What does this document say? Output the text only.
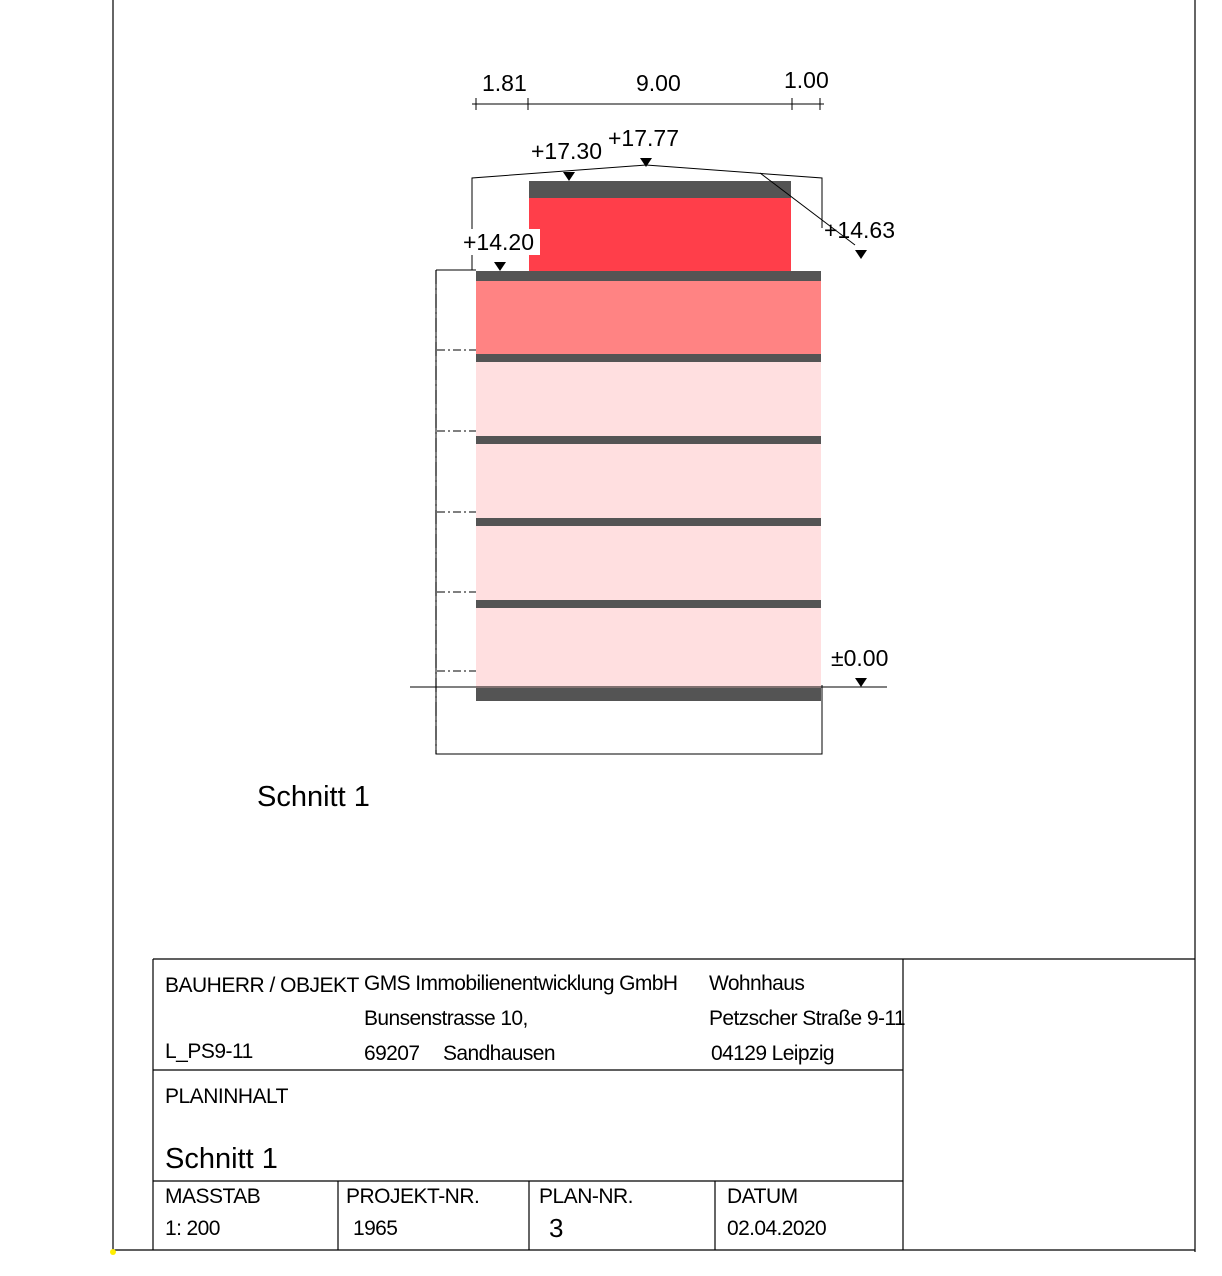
1.81	9.00	1.00
+17.30 +17.77
+14.20	+14.63
±0.00
Schnitt 1
BAUHERR / OBJEKT
L_PS9-11
GMS Immobilienentwicklung GmbH
Bunsenstrasse 10,
69207 Sandhausen
Wohnhaus
Petzscher Straße 9-11
04129 Leipzig
PLANINHALT
Schnitt 1
MASSTAB
1: 200
PROJEKT-NR.
1965
PLAN-NR.
3
DATUM
02.04.2020
